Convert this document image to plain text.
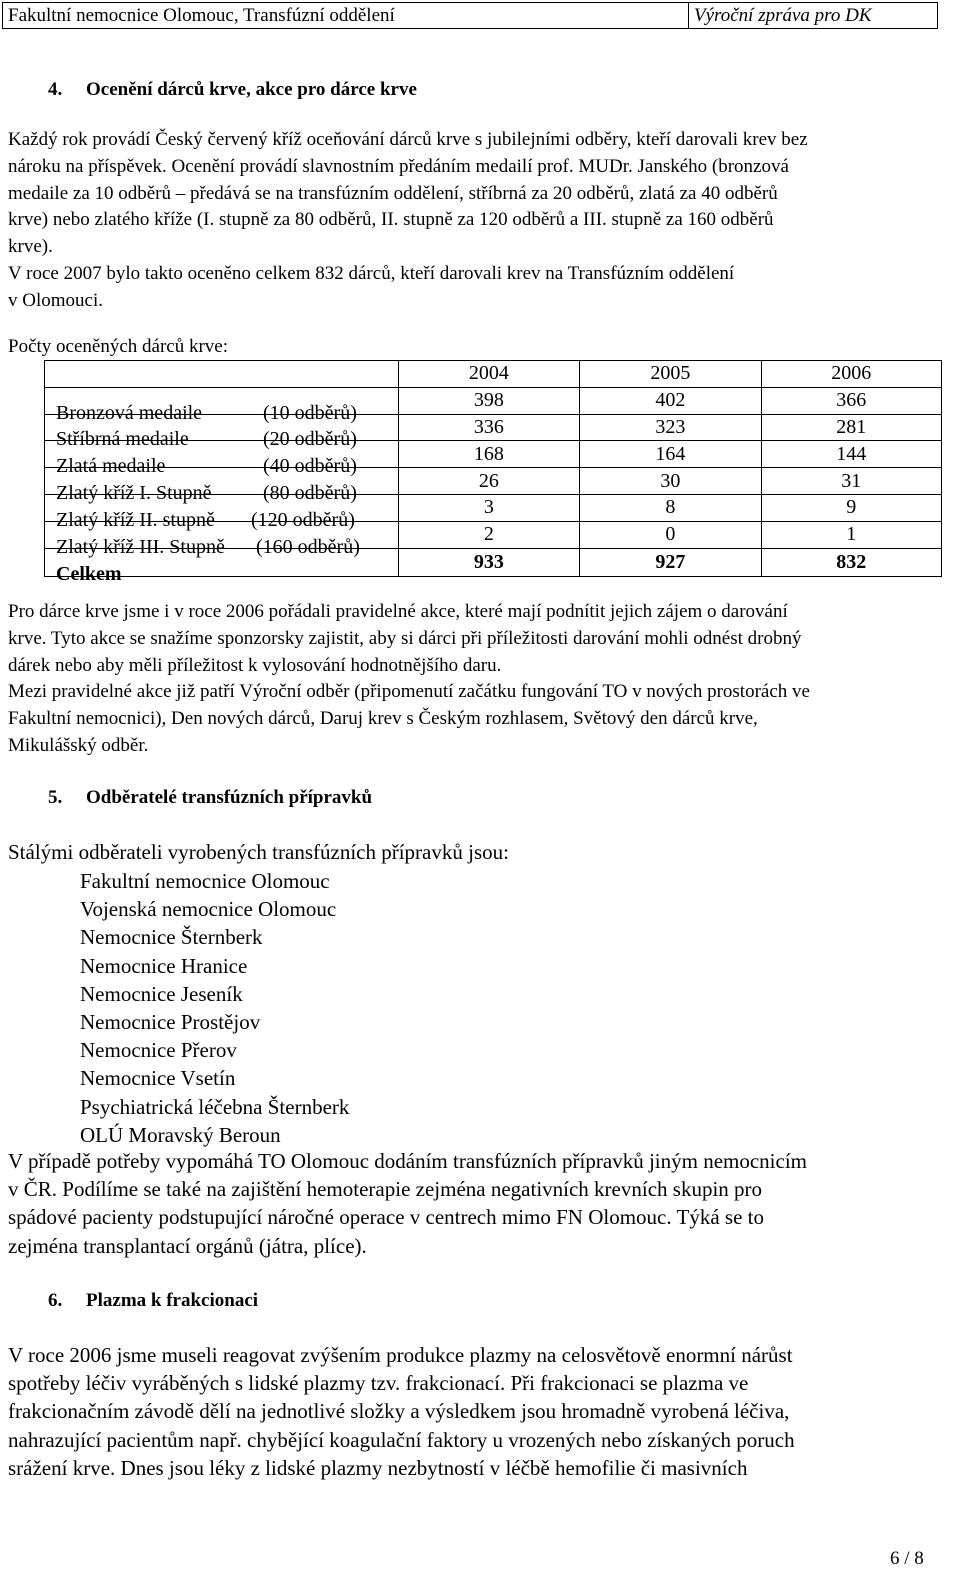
Fakultní nemocnice Olomouc, Transfúzní oddělení	Výroční zpráva pro DK
4. Ocenění dárců krve, akce pro dárce krve

Každý rok provádí Český červený kříž oceňování dárců krve s jubilejními odběry, kteří darovali krev bez
nároku na příspěvek. Ocenění provádí slavnostním předáním medailí prof. MUDr. Janského (bronzová
medaile za 10 odběrů – předává se na transfúzním oddělení, stříbrná za 20 odběrů, zlatá za 40 odběrů
krve) nebo zlatého kříže (I. stupně za 80 odběrů, II. stupně za 120 odběrů a III. stupně za 160 odběrů
krve).
V roce 2007 bylo takto oceněno celkem 832 dárců, kteří darovali krev na Transfúzním oddělení
v Olomouci.

Počty oceněných dárců krve:

	2004	2005	2006

Bronzová medaile (10 odběrů)	398	402	366

Stříbrná medaile (20 odběrů)	336	323	281

Zlatá medaile (40 odběrů)	168	164	144

Zlatý kříž I. Stupně (80 odběrů)	26	30	31

Zlatý kříž II. stupně (120 odběrů)	3	8	9

Zlatý kříž III. Stupně (160 odběrů)	2	0	1

Celkem	933	927	832

Pro dárce krve jsme i v roce 2006 pořádali pravidelné akce, které mají podnítit jejich zájem o darování
krve. Tyto akce se snažíme sponzorsky zajistit, aby si dárci při příležitosti darování mohli odnést drobný
dárek nebo aby měli příležitost k vylosování hodnotnějšího daru.
Mezi pravidelné akce již patří Výroční odběr (připomenutí začátku fungování TO v nových prostorách ve
Fakultní nemocnici), Den nových dárců, Daruj krev s Českým rozhlasem, Světový den dárců krve,
Mikulášský odběr.

5. Odběratelé transfúzních přípravků

Stálými odběrateli vyrobených transfúzních přípravků jsou:

Fakultní nemocnice Olomouc
Vojenská nemocnice Olomouc
Nemocnice Šternberk
Nemocnice Hranice
Nemocnice Jeseník
Nemocnice Prostějov
Nemocnice Přerov
Nemocnice Vsetín
Psychiatrická léčebna Šternberk
OLÚ Moravský Beroun

V případě potřeby vypomáhá TO Olomouc dodáním transfúzních přípravků jiným nemocnicím
v ČR. Podílíme se také na zajištění hemoterapie zejména negativních krevních skupin pro
spádové pacienty podstupující náročné operace v centrech mimo FN Olomouc. Týká se to
zejména transplantací orgánů (játra, plíce).

6. Plazma k frakcionaci

V roce 2006 jsme museli reagovat zvýšením produkce plazmy na celosvětově enormní nárůst
spotřeby léčiv vyráběných s lidské plazmy tzv. frakcionací. Při frakcionaci se plazma ve
frakcionačním závodě dělí na jednotlivé složky a výsledkem jsou hromadně vyrobená léčiva,
nahrazující pacientům např. chybějící koagulační faktory u vrozených nebo získaných poruch
srážení krve. Dnes jsou léky z lidské plazmy nezbytností v léčbě hemofilie či masivních

6 / 8
